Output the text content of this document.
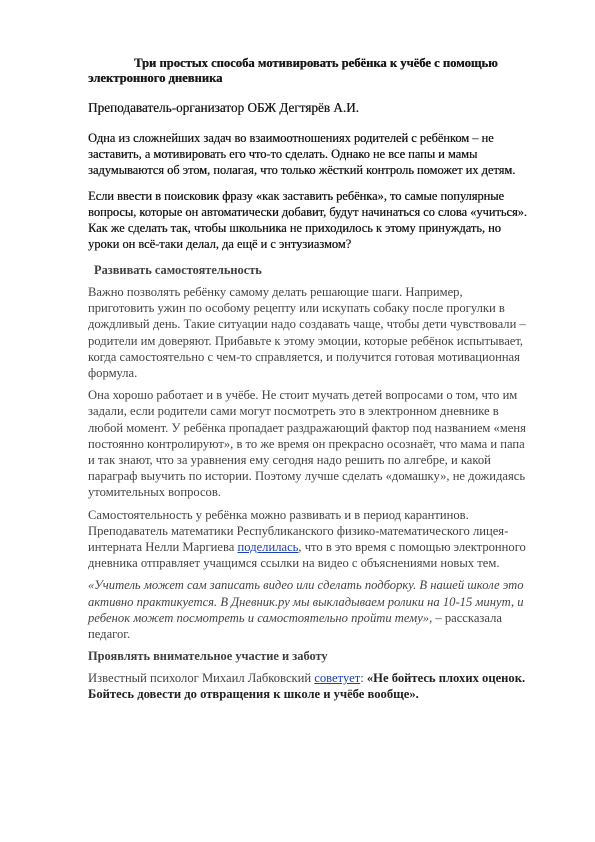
Три простых способа мотивировать ребёнка к учёбе с помощью электронного дневника

Преподаватель-организатор ОБЖ Дегтярёв А.И.

Одна из сложнейших задач во взаимоотношениях родителей с ребёнком – не заставить, а мотивировать его что-то сделать. Однако не все папы и мамы задумываются об этом, полагая, что только жёсткий контроль поможет их детям.

Если ввести в поисковик фразу «как заставить ребёнка», то самые популярные вопросы, которые он автоматически добавит, будут начинаться со слова «учиться». Как же сделать так, чтобы школьника не приходилось к этому принуждать, но уроки он всё-таки делал, да ещё и с энтузиазмом?

Развивать самостоятельность

Важно позволять ребёнку самому делать решающие шаги. Например, приготовить ужин по особому рецепту или искупать собаку после прогулки в дождливый день. Такие ситуации надо создавать чаще, чтобы дети чувствовали – родители им доверяют. Прибавьте к этому эмоции, которые ребёнок испытывает, когда самостоятельно с чем-то справляется, и получится готовая мотивационная формула.

Она хорошо работает и в учёбе. Не стоит мучать детей вопросами о том, что им задали, если родители сами могут посмотреть это в электронном дневнике в любой момент. У ребёнка пропадает раздражающий фактор под названием «меня постоянно контролируют», в то же время он прекрасно осознаёт, что мама и папа и так знают, что за уравнения ему сегодня надо решить по алгебре, и какой параграф выучить по истории. Поэтому лучше сделать «домашку», не дожидаясь утомительных вопросов.

Самостоятельность у ребёнка можно развивать и в период карантинов. Преподаватель математики Республиканского физико-математического лицея-интерната Нелли Маргиева поделилась, что в это время с помощью электронного дневника отправляет учащимся ссылки на видео с объяснениями новых тем.

«Учитель может сам записать видео или сделать подборку. В нашей школе это активно практикуется. В Дневник.ру мы выкладываем ролики на 10-15 минут, и ребенок может посмотреть и самостоятельно пройти тему», – рассказала педагог.

Проявлять внимательное участие и заботу

Известный психолог Михаил Лабковский советует: «Не бойтесь плохих оценок. Бойтесь довести до отвращения к школе и учёбе вообще».
